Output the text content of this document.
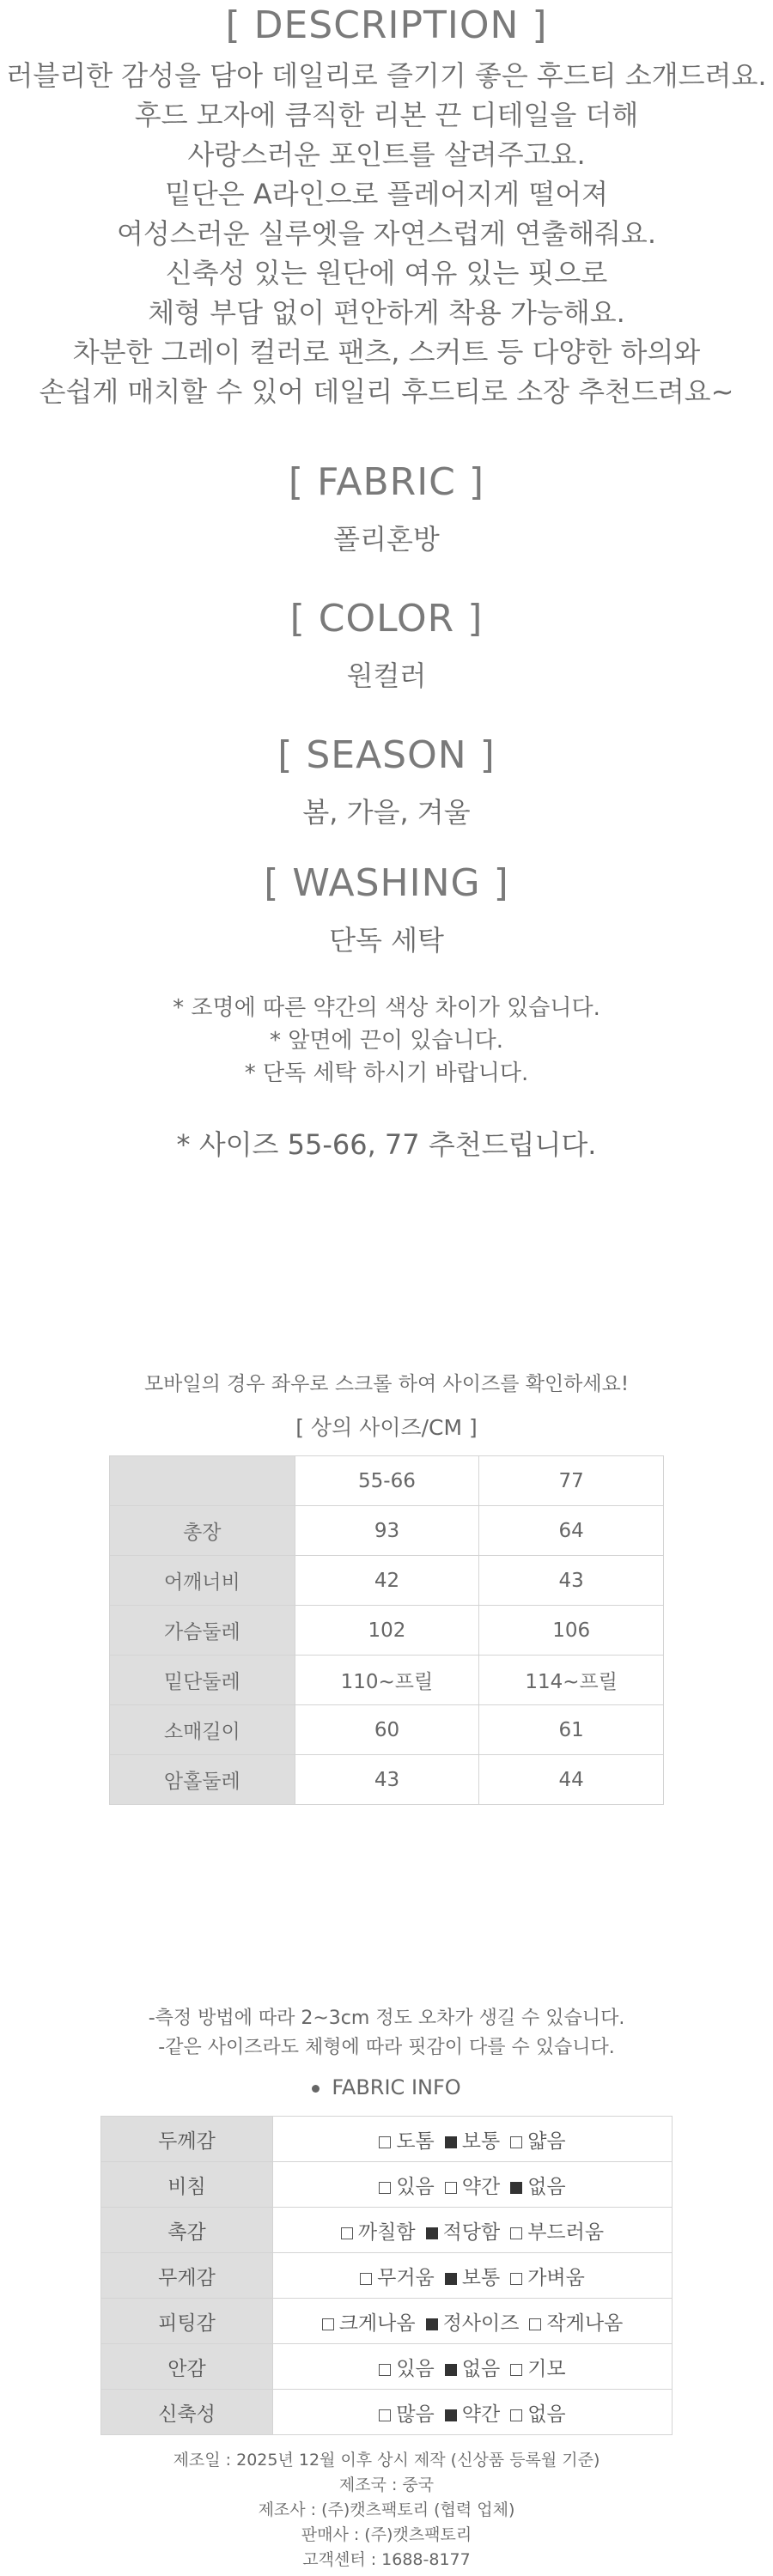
[ DESCRIPTION ]
러블리한 감성을 담아 데일리로 즐기기 좋은 후드티 소개드려요.
후드 모자에 큼직한 리본 끈 디테일을 더해
사랑스러운 포인트를 살려주고요.
밑단은 A라인으로 플레어지게 떨어져
여성스러운 실루엣을 자연스럽게 연출해줘요.
신축성 있는 원단에 여유 있는 핏으로
체형 부담 없이 편안하게 착용 가능해요.
차분한 그레이 컬러로 팬츠, 스커트 등 다양한 하의와
손쉽게 매치할 수 있어 데일리 후드티로 소장 추천드려요~
[ FABRIC ]
폴리혼방
[ COLOR ]
원컬러
[ SEASON ]
봄, 가을, 겨울
[ WASHING ]
단독 세탁
* 조명에 따른 약간의 색상 차이가 있습니다.
* 앞면에 끈이 있습니다.
* 단독 세탁 하시기 바랍니다.
* 사이즈 55-66, 77 추천드립니다.
모바일의 경우 좌우로 스크롤 하여 사이즈를 확인하세요!
[ 상의 사이즈/CM ]
	55-66	77
총장	93	64
어깨너비	42	43
가슴둘레	102	106
밑단둘레	110~프릴	114~프릴
소매길이	60	61
암홀둘레	43	44
-측정 방법에 따라 2~3cm 정도 오차가 생길 수 있습니다.
-같은 사이즈라도 체형에 따라 핏감이 다를 수 있습니다.
FABRIC INFO
두께감	도톰 보통 얇음
비침	있음 약간 없음
촉감	까칠함 적당함 부드러움
무게감	무거움 보통 가벼움
피팅감	크게나옴 정사이즈 작게나옴
안감	있음 없음 기모
신축성	많음 약간 없음
제조일 : 2025년 12월 이후 상시 제작 (신상품 등록월 기준)
제조국 : 중국
제조사 : (주)캣츠팩토리 (협력 업체)
판매사 : (주)캣츠팩토리
고객센터 : 1688-8177
